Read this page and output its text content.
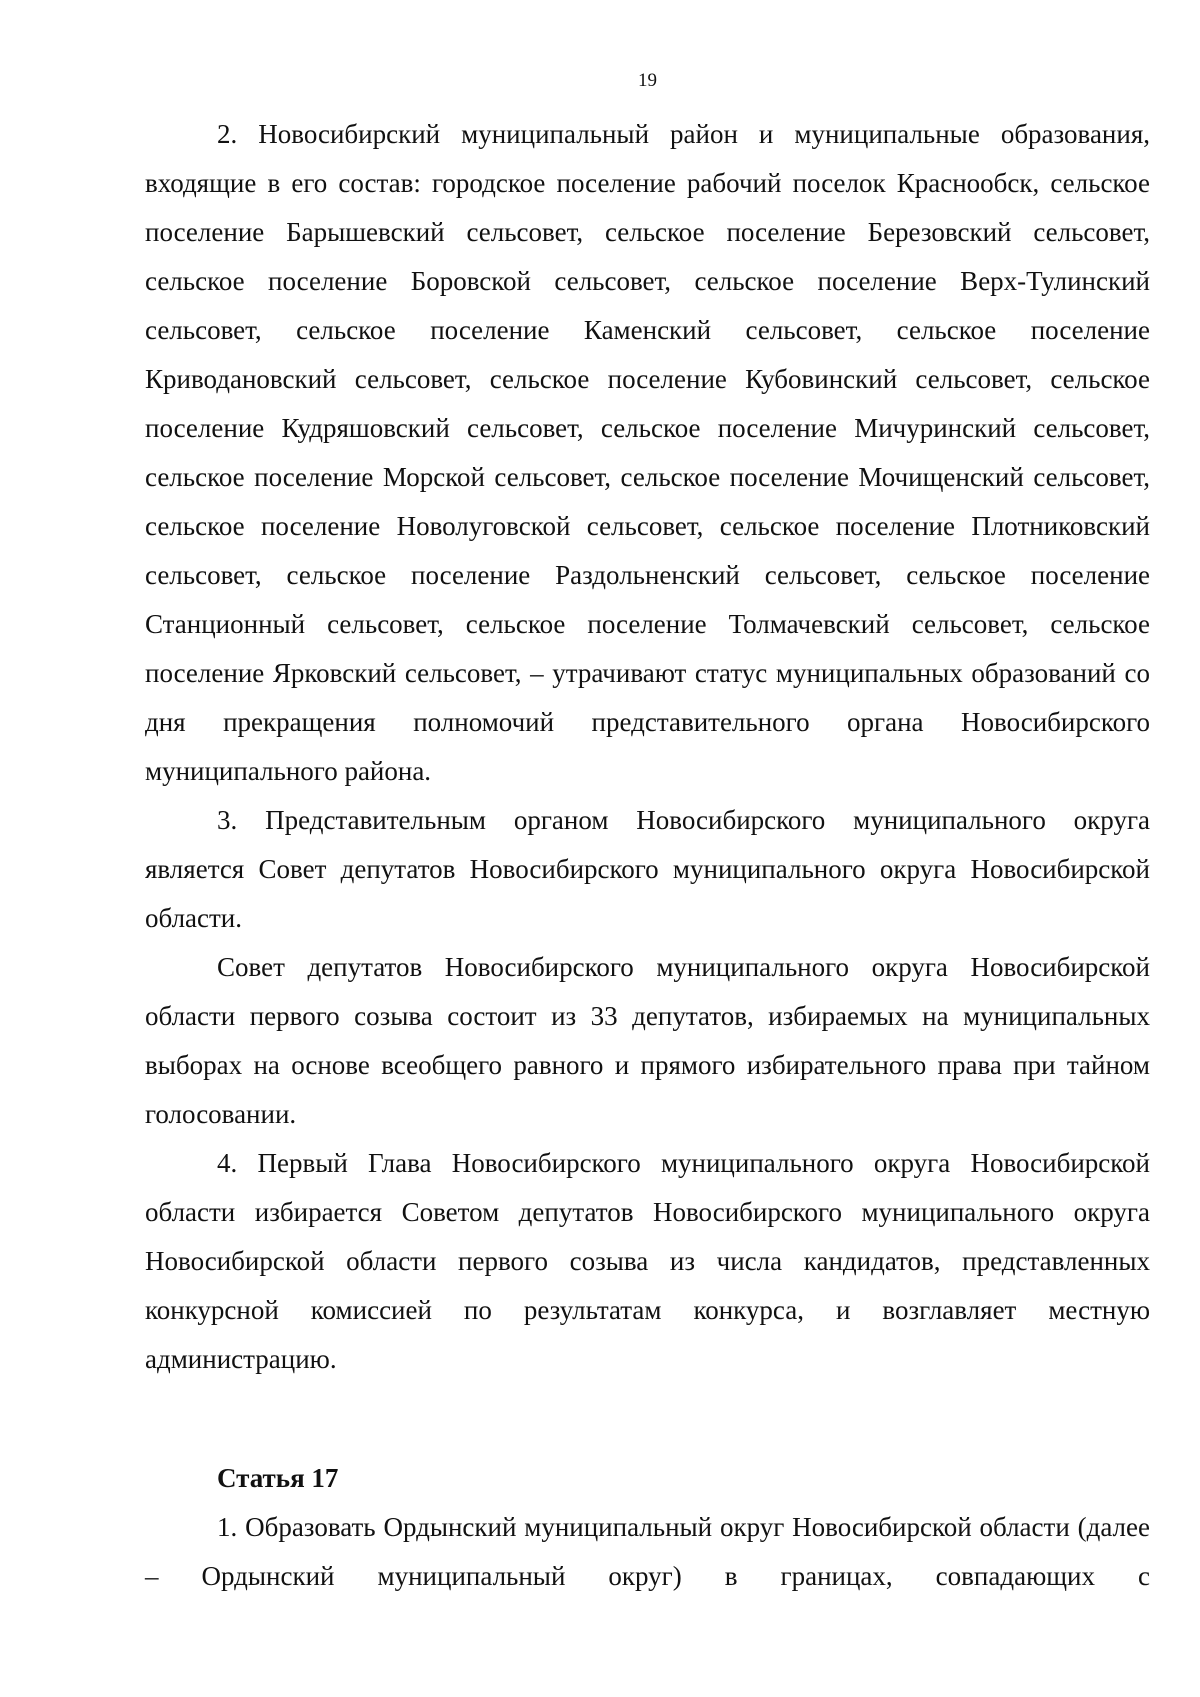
19

2. Новосибирский муниципальный район и муниципальные образования, входящие в его состав: городское поселение рабочий поселок Краснообск, сельское поселение Барышевский сельсовет, сельское поселение Березовский сельсовет, сельское поселение Боровской сельсовет, сельское поселение Верх-Тулинский сельсовет, сельское поселение Каменский сельсовет, сельское поселение Криводановский сельсовет, сельское поселение Кубовинский сельсовет, сельское поселение Кудряшовский сельсовет, сельское поселение Мичуринский сельсовет, сельское поселение Морской сельсовет, сельское поселение Мочищенский сельсовет, сельское поселение Новолуговской сельсовет, сельское поселение Плотниковский сельсовет, сельское поселение Раздольненский сельсовет, сельское поселение Станционный сельсовет, сельское поселение Толмачевский сельсовет, сельское поселение Ярковский сельсовет, – утрачивают статус муниципальных образований со дня прекращения полномочий представительного органа Новосибирского муниципального района.

3. Представительным органом Новосибирского муниципального округа является Совет депутатов Новосибирского муниципального округа Новосибирской области.

Совет депутатов Новосибирского муниципального округа Новосибирской области первого созыва состоит из 33 депутатов, избираемых на муниципальных выборах на основе всеобщего равного и прямого избирательного права при тайном голосовании.

4. Первый Глава Новосибирского муниципального округа Новосибирской области избирается Советом депутатов Новосибирского муниципального округа Новосибирской области первого созыва из числа кандидатов, представленных конкурсной комиссией по результатам конкурса, и возглавляет местную администрацию.

Статья 17

1. Образовать Ордынский муниципальный округ Новосибирской области (далее – Ордынский муниципальный округ) в границах, совпадающих с
